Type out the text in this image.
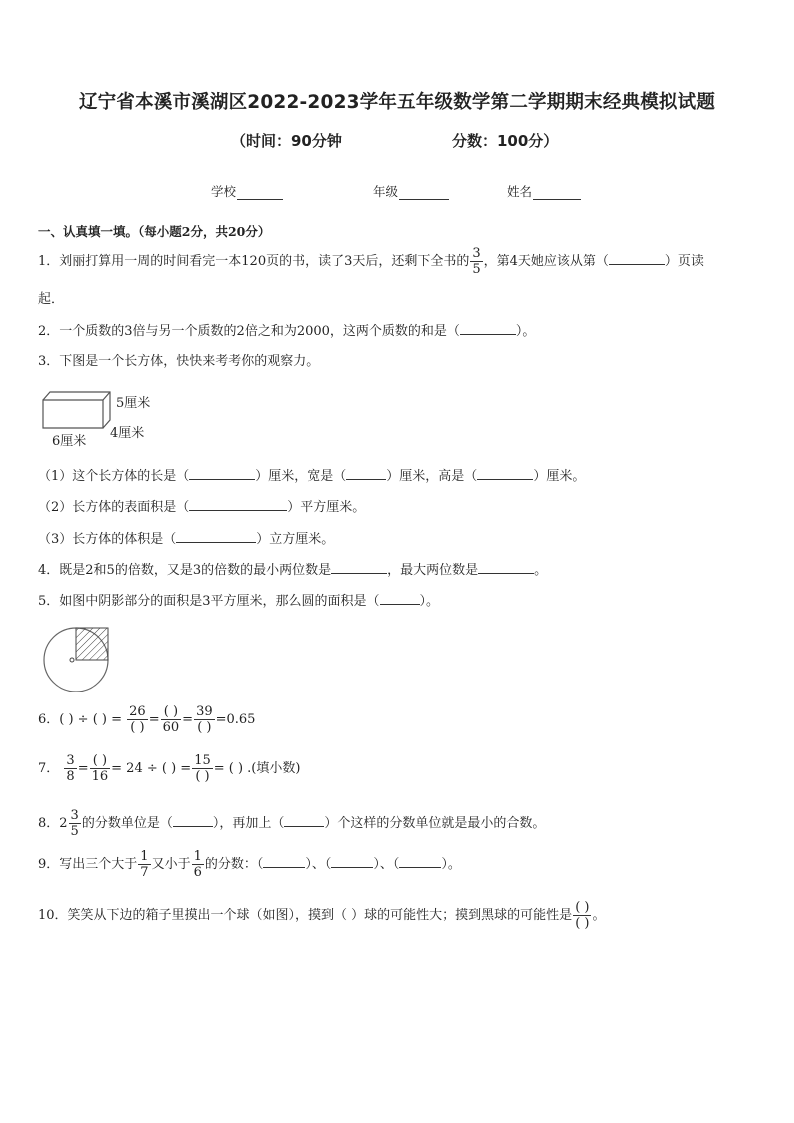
辽宁省本溪市溪湖区2022-2023学年五年级数学第二学期期末经典模拟试题
（时间：90分钟	分数：100分）
学校	年级	姓名
一、认真填一填。（每小题2分，共20分）
1．刘丽打算用一周的时间看完一本120页的书，读了3天后，还剩下全书的 $\frac{3}{5}$ ，第4天她应该从第（	）页读
起．
2．一个质数的3倍与另一个质数的2倍之和为2000，这两个质数的和是（	）。
3．下图是一个长方体，快快来考考你的观察力。
5厘米
4厘米
6厘米
（1）这个长方体的长是（	）厘米，宽是（	）厘米，高是（	）厘米。
（2）长方体的表面积是（	）平方厘米。
（3）长方体的体积是（	）立方厘米。
4．既是2和5的倍数，又是3的倍数的最小两位数是	，最大两位数是	。
5．如图中阴影部分的面积是3平方厘米，那么圆的面积是（	）。
6．( ) ÷ ( ) = $\frac{26}{( )} = \frac{( )}{60} = \frac{39}{( )} =0.65$
7． $\frac{3}{8} = \frac{( )}{16} = 24$ ÷ ( ) = $\frac{15}{( )}$ = ( ) .(填小数)
8．$2 \frac{3}{5}$ 的分数单位是（	），再加上（	）个这样的分数单位就是最小的合数。
9．写出三个大于 $\frac{1}{7}$ 又小于 $\frac{1}{6}$ 的分数：（	）、（	）、（	）。
10．笑笑从下边的箱子里摸出一个球（如图），摸到（ ）球的可能性大；摸到黑球的可能性是 $\frac{( )}{( )}$ 。
